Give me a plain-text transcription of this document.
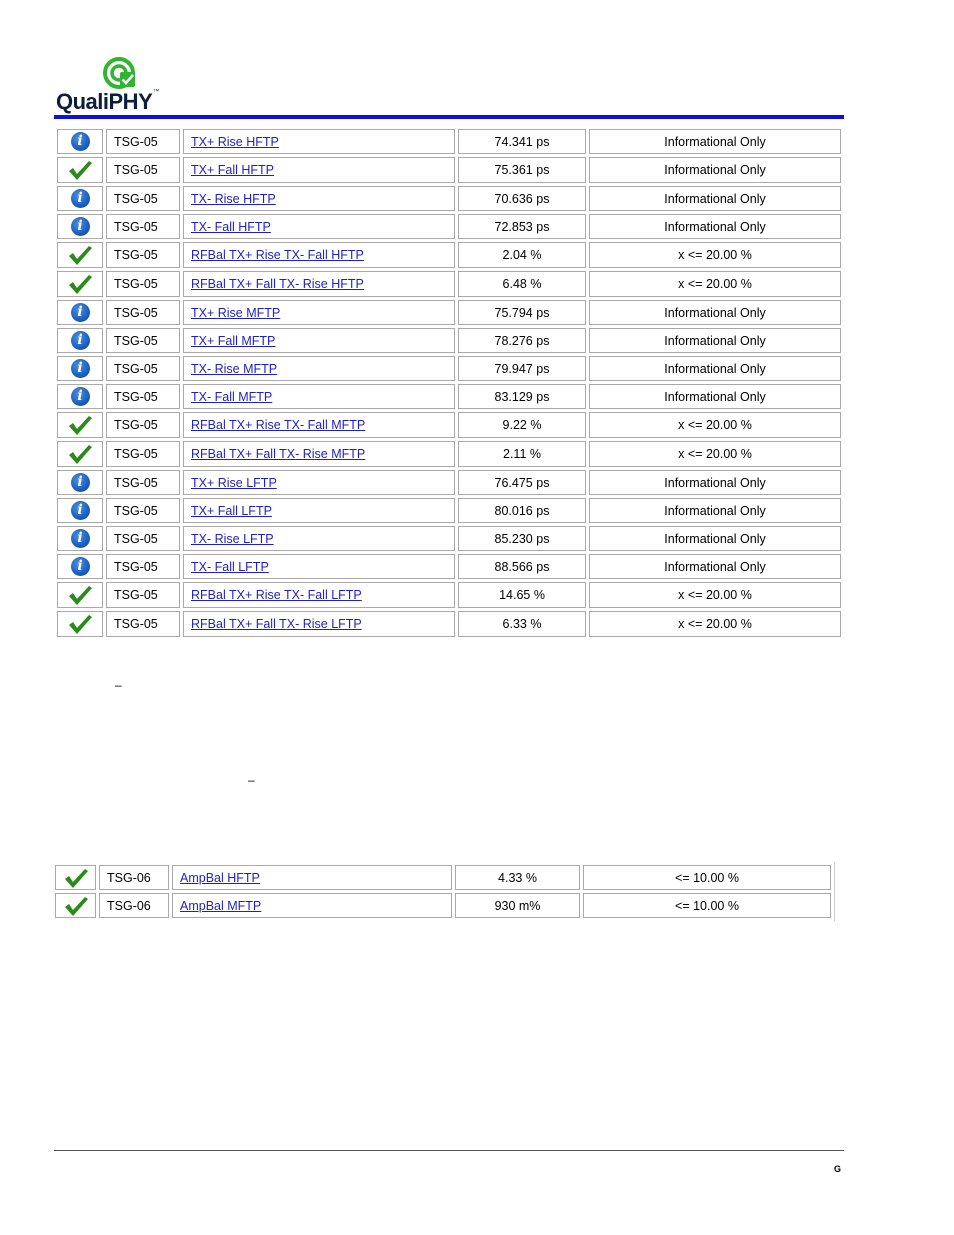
QualiPHY™
i	TSG-05	TX+ Rise HFTP	74.341 ps	Informational Only
	TSG-05	TX+ Fall HFTP	75.361 ps	Informational Only
i	TSG-05	TX- Rise HFTP	70.636 ps	Informational Only
i	TSG-05	TX- Fall HFTP	72.853 ps	Informational Only
	TSG-05	RFBal TX+ Rise TX- Fall HFTP	2.04 %	x <= 20.00 %
	TSG-05	RFBal TX+ Fall TX- Rise HFTP	6.48 %	x <= 20.00 %
i	TSG-05	TX+ Rise MFTP	75.794 ps	Informational Only
i	TSG-05	TX+ Fall MFTP	78.276 ps	Informational Only
i	TSG-05	TX- Rise MFTP	79.947 ps	Informational Only
i	TSG-05	TX- Fall MFTP	83.129 ps	Informational Only
	TSG-05	RFBal TX+ Rise TX- Fall MFTP	9.22 %	x <= 20.00 %
	TSG-05	RFBal TX+ Fall TX- Rise MFTP	2.11 %	x <= 20.00 %
i	TSG-05	TX+ Rise LFTP	76.475 ps	Informational Only
i	TSG-05	TX+ Fall LFTP	80.016 ps	Informational Only
i	TSG-05	TX- Rise LFTP	85.230 ps	Informational Only
i	TSG-05	TX- Fall LFTP	88.566 ps	Informational Only
	TSG-05	RFBal TX+ Rise TX- Fall LFTP	14.65 %	x <= 20.00 %
	TSG-05	RFBal TX+ Fall TX- Rise LFTP	6.33 %	x <= 20.00 %
–
–
	TSG-06	AmpBal HFTP	4.33 %	<= 10.00 %
	TSG-06	AmpBal MFTP	930 m%	<= 10.00 %
G
